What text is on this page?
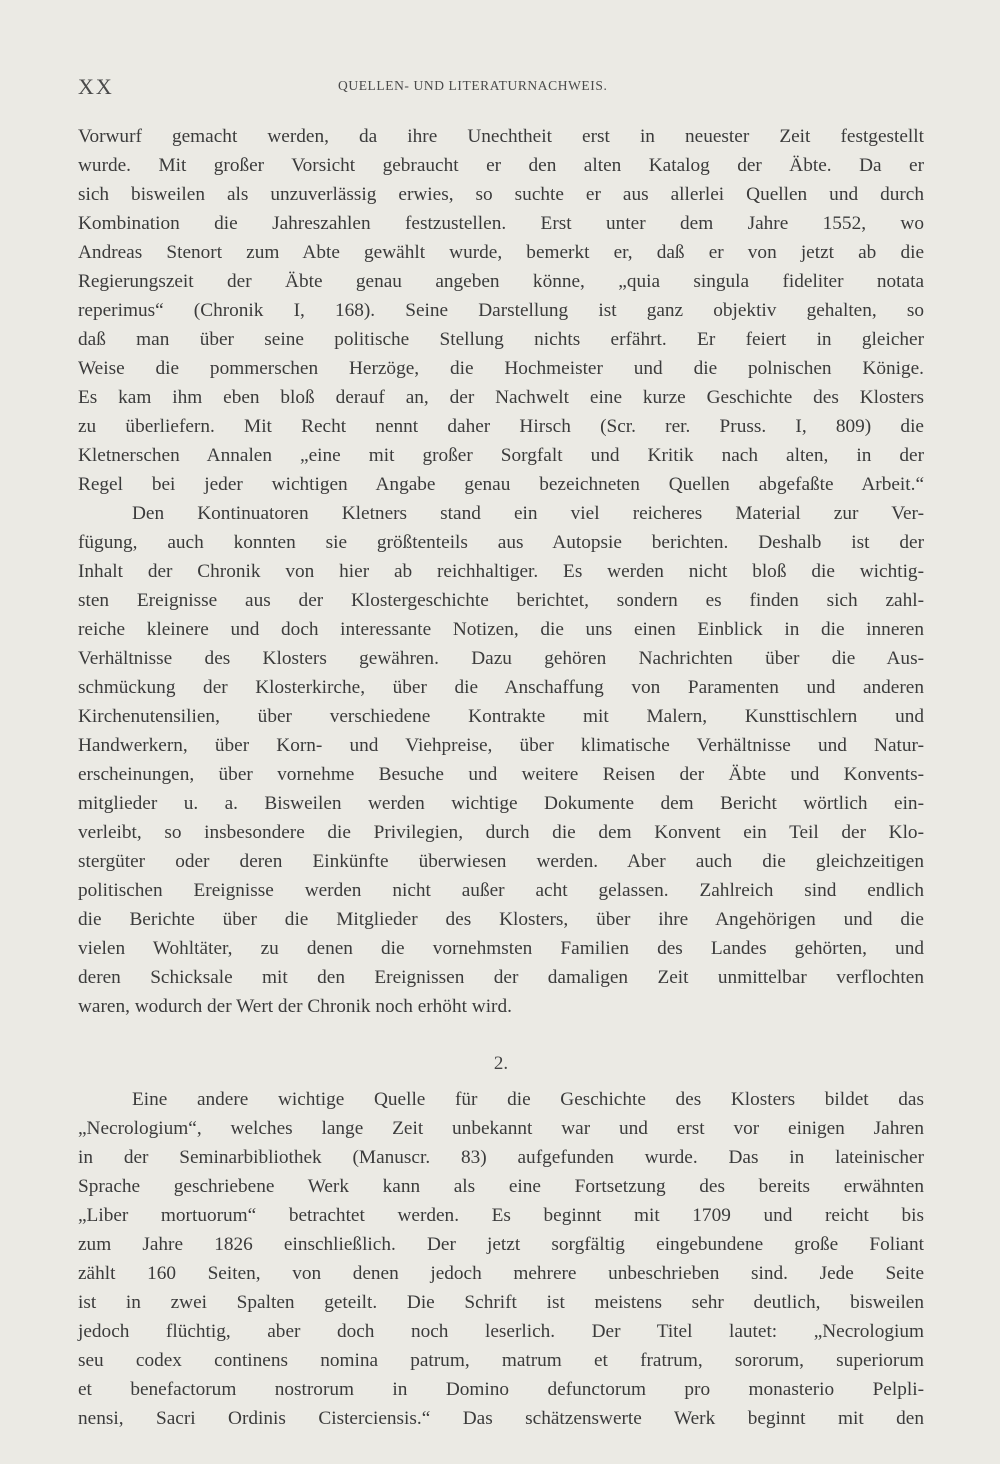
XX	QUELLEN- UND LITERATURNACHWEIS.
Vorwurf gemacht werden, da ihre Unechtheit erst in neuester Zeit festgestellt
wurde. Mit großer Vorsicht gebraucht er den alten Katalog der Äbte. Da er
sich bisweilen als unzuverlässig erwies, so suchte er aus allerlei Quellen und durch
Kombination die Jahreszahlen festzustellen. Erst unter dem Jahre 1552, wo
Andreas Stenort zum Abte gewählt wurde, bemerkt er, daß er von jetzt ab die
Regierungszeit der Äbte genau angeben könne, „quia singula fideliter notata
reperimus“ (Chronik I, 168). Seine Darstellung ist ganz objektiv gehalten, so
daß man über seine politische Stellung nichts erfährt. Er feiert in gleicher
Weise die pommerschen Herzöge, die Hochmeister und die polnischen Könige.
Es kam ihm eben bloß derauf an, der Nachwelt eine kurze Geschichte des Klosters
zu überliefern. Mit Recht nennt daher Hirsch (Scr. rer. Pruss. I, 809) die
Kletnerschen Annalen „eine mit großer Sorgfalt und Kritik nach alten, in der
Regel bei jeder wichtigen Angabe genau bezeichneten Quellen abgefaßte Arbeit.“
Den Kontinuatoren Kletners stand ein viel reicheres Material zur Ver-
fügung, auch konnten sie größtenteils aus Autopsie berichten. Deshalb ist der
Inhalt der Chronik von hier ab reichhaltiger. Es werden nicht bloß die wichtig-
sten Ereignisse aus der Klostergeschichte berichtet, sondern es finden sich zahl-
reiche kleinere und doch interessante Notizen, die uns einen Einblick in die inneren
Verhältnisse des Klosters gewähren. Dazu gehören Nachrichten über die Aus-
schmückung der Klosterkirche, über die Anschaffung von Paramenten und anderen
Kirchenutensilien, über verschiedene Kontrakte mit Malern, Kunsttischlern und
Handwerkern, über Korn- und Viehpreise, über klimatische Verhältnisse und Natur-
erscheinungen, über vornehme Besuche und weitere Reisen der Äbte und Konvents-
mitglieder u. a. Bisweilen werden wichtige Dokumente dem Bericht wörtlich ein-
verleibt, so insbesondere die Privilegien, durch die dem Konvent ein Teil der Klo-
stergüter oder deren Einkünfte überwiesen werden. Aber auch die gleichzeitigen
politischen Ereignisse werden nicht außer acht gelassen. Zahlreich sind endlich
die Berichte über die Mitglieder des Klosters, über ihre Angehörigen und die
vielen Wohltäter, zu denen die vornehmsten Familien des Landes gehörten, und
deren Schicksale mit den Ereignissen der damaligen Zeit unmittelbar verflochten
waren, wodurch der Wert der Chronik noch erhöht wird.
2.
Eine andere wichtige Quelle für die Geschichte des Klosters bildet das
„Necrologium“, welches lange Zeit unbekannt war und erst vor einigen Jahren
in der Seminarbibliothek (Manuscr. 83) aufgefunden wurde. Das in lateinischer
Sprache geschriebene Werk kann als eine Fortsetzung des bereits erwähnten
„Liber mortuorum“ betrachtet werden. Es beginnt mit 1709 und reicht bis
zum Jahre 1826 einschließlich. Der jetzt sorgfältig eingebundene große Foliant
zählt 160 Seiten, von denen jedoch mehrere unbeschrieben sind. Jede Seite
ist in zwei Spalten geteilt. Die Schrift ist meistens sehr deutlich, bisweilen
jedoch flüchtig, aber doch noch leserlich. Der Titel lautet: „Necrologium
seu codex continens nomina patrum, matrum et fratrum, sororum, superiorum
et benefactorum nostrorum in Domino defunctorum pro monasterio Pelpli-
nensi, Sacri Ordinis Cisterciensis.“ Das schätzenswerte Werk beginnt mit den
